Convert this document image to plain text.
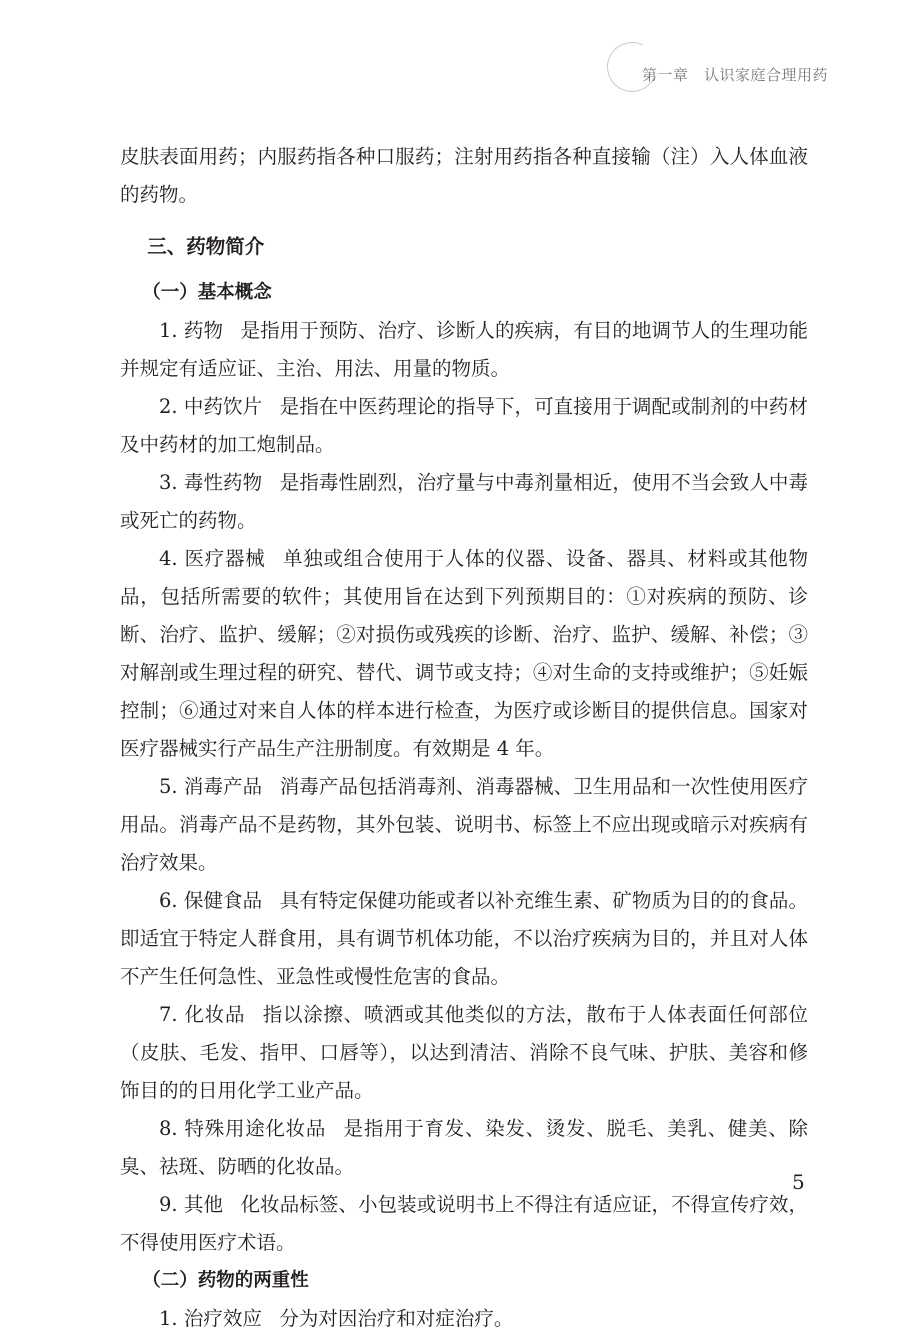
第一章　 认识家庭合理用药

皮肤表面用药；内服药指各种口服药；注射用药指各种直接输（注）入人体血液的药物。

三、药物简介
（一）基本概念

1. 药物 是指用于预防、治疗、诊断人的疾病，有目的地调节人的生理功能并规定有适应证、主治、用法、用量的物质。

2. 中药饮片 是指在中医药理论的指导下，可直接用于调配或制剂的中药材及中药材的加工炮制品。

3. 毒性药物 是指毒性剧烈，治疗量与中毒剂量相近，使用不当会致人中毒或死亡的药物。

4. 医疗器械 单独或组合使用于人体的仪器、设备、器具、材料或其他物品，包括所需要的软件；其使用旨在达到下列预期目的：①对疾病的预防、诊断、治疗、监护、缓解；②对损伤或残疾的诊断、治疗、监护、缓解、补偿；③对解剖或生理过程的研究、替代、调节或支持；④对生命的支持或维护；⑤妊娠控制；⑥通过对来自人体的样本进行检查，为医疗或诊断目的提供信息。国家对医疗器械实行产品生产注册制度。有效期是 4 年。

5. 消毒产品 消毒产品包括消毒剂、消毒器械、卫生用品和一次性使用医疗用品。消毒产品不是药物，其外包装、说明书、标签上不应出现或暗示对疾病有治疗效果。

6. 保健食品 具有特定保健功能或者以补充维生素、矿物质为目的的食品。即适宜于特定人群食用，具有调节机体功能，不以治疗疾病为目的，并且对人体不产生任何急性、亚急性或慢性危害的食品。

7. 化妆品 指以涂擦、喷洒或其他类似的方法，散布于人体表面任何部位（皮肤、毛发、指甲、口唇等），以达到清洁、消除不良气味、护肤、美容和修饰目的的日用化学工业产品。

8. 特殊用途化妆品 是指用于育发、染发、烫发、脱毛、美乳、健美、除臭、祛斑、防晒的化妆品。

9. 其他 化妆品标签、小包装或说明书上不得注有适应证，不得宣传疗效，不得使用医疗术语。

（二）药物的两重性

1. 治疗效应 分为对因治疗和对症治疗。

5
